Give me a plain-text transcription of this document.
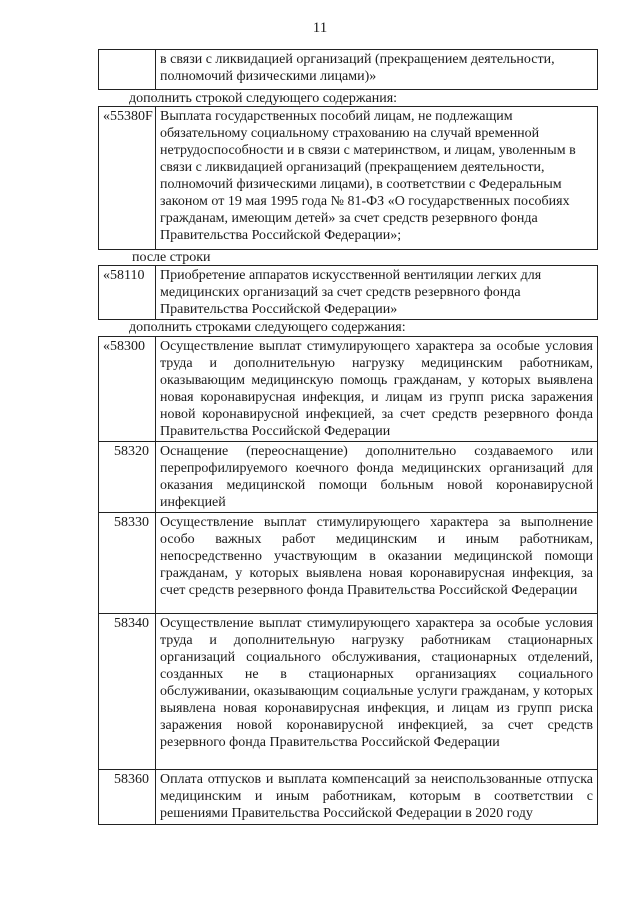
11
	в связи с ликвидацией организаций (прекращением деятельности, полномочий физическими лицами)»
дополнить строкой следующего содержания:
«55380F	Выплата государственных пособий лицам, не подлежащим обязательному социальному страхованию на случай временной нетрудоспособности и в связи с материнством, и лицам, уволенным в связи с ликвидацией организаций (прекращением деятельности, полномочий физическими лицами), в соответствии с Федеральным законом от 19 мая 1995 года № 81-ФЗ «О государственных пособиях гражданам, имеющим детей» за счет средств резервного фонда Правительства Российской Федерации»;
после строки
«58110	Приобретение аппаратов искусственной вентиляции легких для медицинских организаций за счет средств резервного фонда Правительства Российской Федерации»
дополнить строками следующего содержания:
«58300	Осуществление выплат стимулирующего характера за особые условия труда и дополнительную нагрузку медицинским работникам, оказывающим медицинскую помощь гражданам, у которых выявлена новая коронавирусная инфекция, и лицам из групп риска заражения новой коронавирусной инфекцией, за счет средств резервного фонда Правительства Российской Федерации
58320	Оснащение (переоснащение) дополнительно создаваемого или перепрофилируемого коечного фонда медицинских организаций для оказания медицинской помощи больным новой коронавирусной инфекцией
58330	Осуществление выплат стимулирующего характера за выполнение особо важных работ медицинским и иным работникам, непосредственно участвующим в оказании медицинской помощи гражданам, у которых выявлена новая коронавирусная инфекция, за счет средств резервного фонда Правительства Российской Федерации
58340	Осуществление выплат стимулирующего характера за особые условия труда и дополнительную нагрузку работникам стационарных организаций социального обслуживания, стационарных отделений, созданных не в стационарных организациях социального обслуживании, оказывающим социальные услуги гражданам, у которых выявлена новая коронавирусная инфекция, и лицам из групп риска заражения новой коронавирусной инфекцией, за счет средств резервного фонда Правительства Российской Федерации
58360	Оплата отпусков и выплата компенсаций за неиспользованные отпуска медицинским и иным работникам, которым в соответствии с решениями Правительства Российской Федерации в 2020 году
